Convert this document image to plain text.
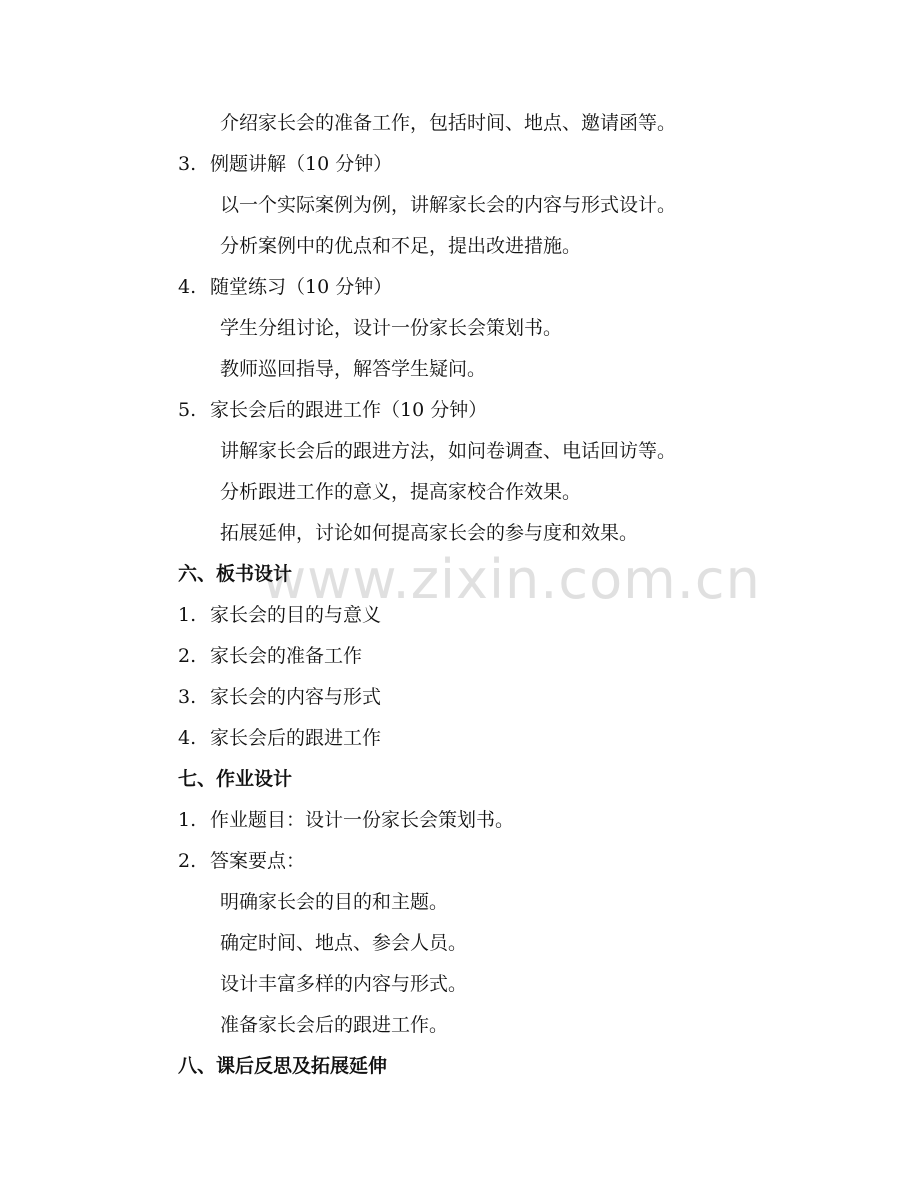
www.zixin.com.cn
介绍家长会的准备工作，包括时间、地点、邀请函等。
3. 例题讲解（10 分钟）
以一个实际案例为例，讲解家长会的内容与形式设计。
分析案例中的优点和不足，提出改进措施。
4. 随堂练习（10 分钟）
学生分组讨论，设计一份家长会策划书。
教师巡回指导，解答学生疑问。
5. 家长会后的跟进工作（10 分钟）
讲解家长会后的跟进方法，如问卷调查、电话回访等。
分析跟进工作的意义，提高家校合作效果。
拓展延伸，讨论如何提高家长会的参与度和效果。
六、板书设计
1. 家长会的目的与意义
2. 家长会的准备工作
3. 家长会的内容与形式
4. 家长会后的跟进工作
七、作业设计
1. 作业题目：设计一份家长会策划书。
2. 答案要点：
明确家长会的目的和主题。
确定时间、地点、参会人员。
设计丰富多样的内容与形式。
准备家长会后的跟进工作。
八、课后反思及拓展延伸
